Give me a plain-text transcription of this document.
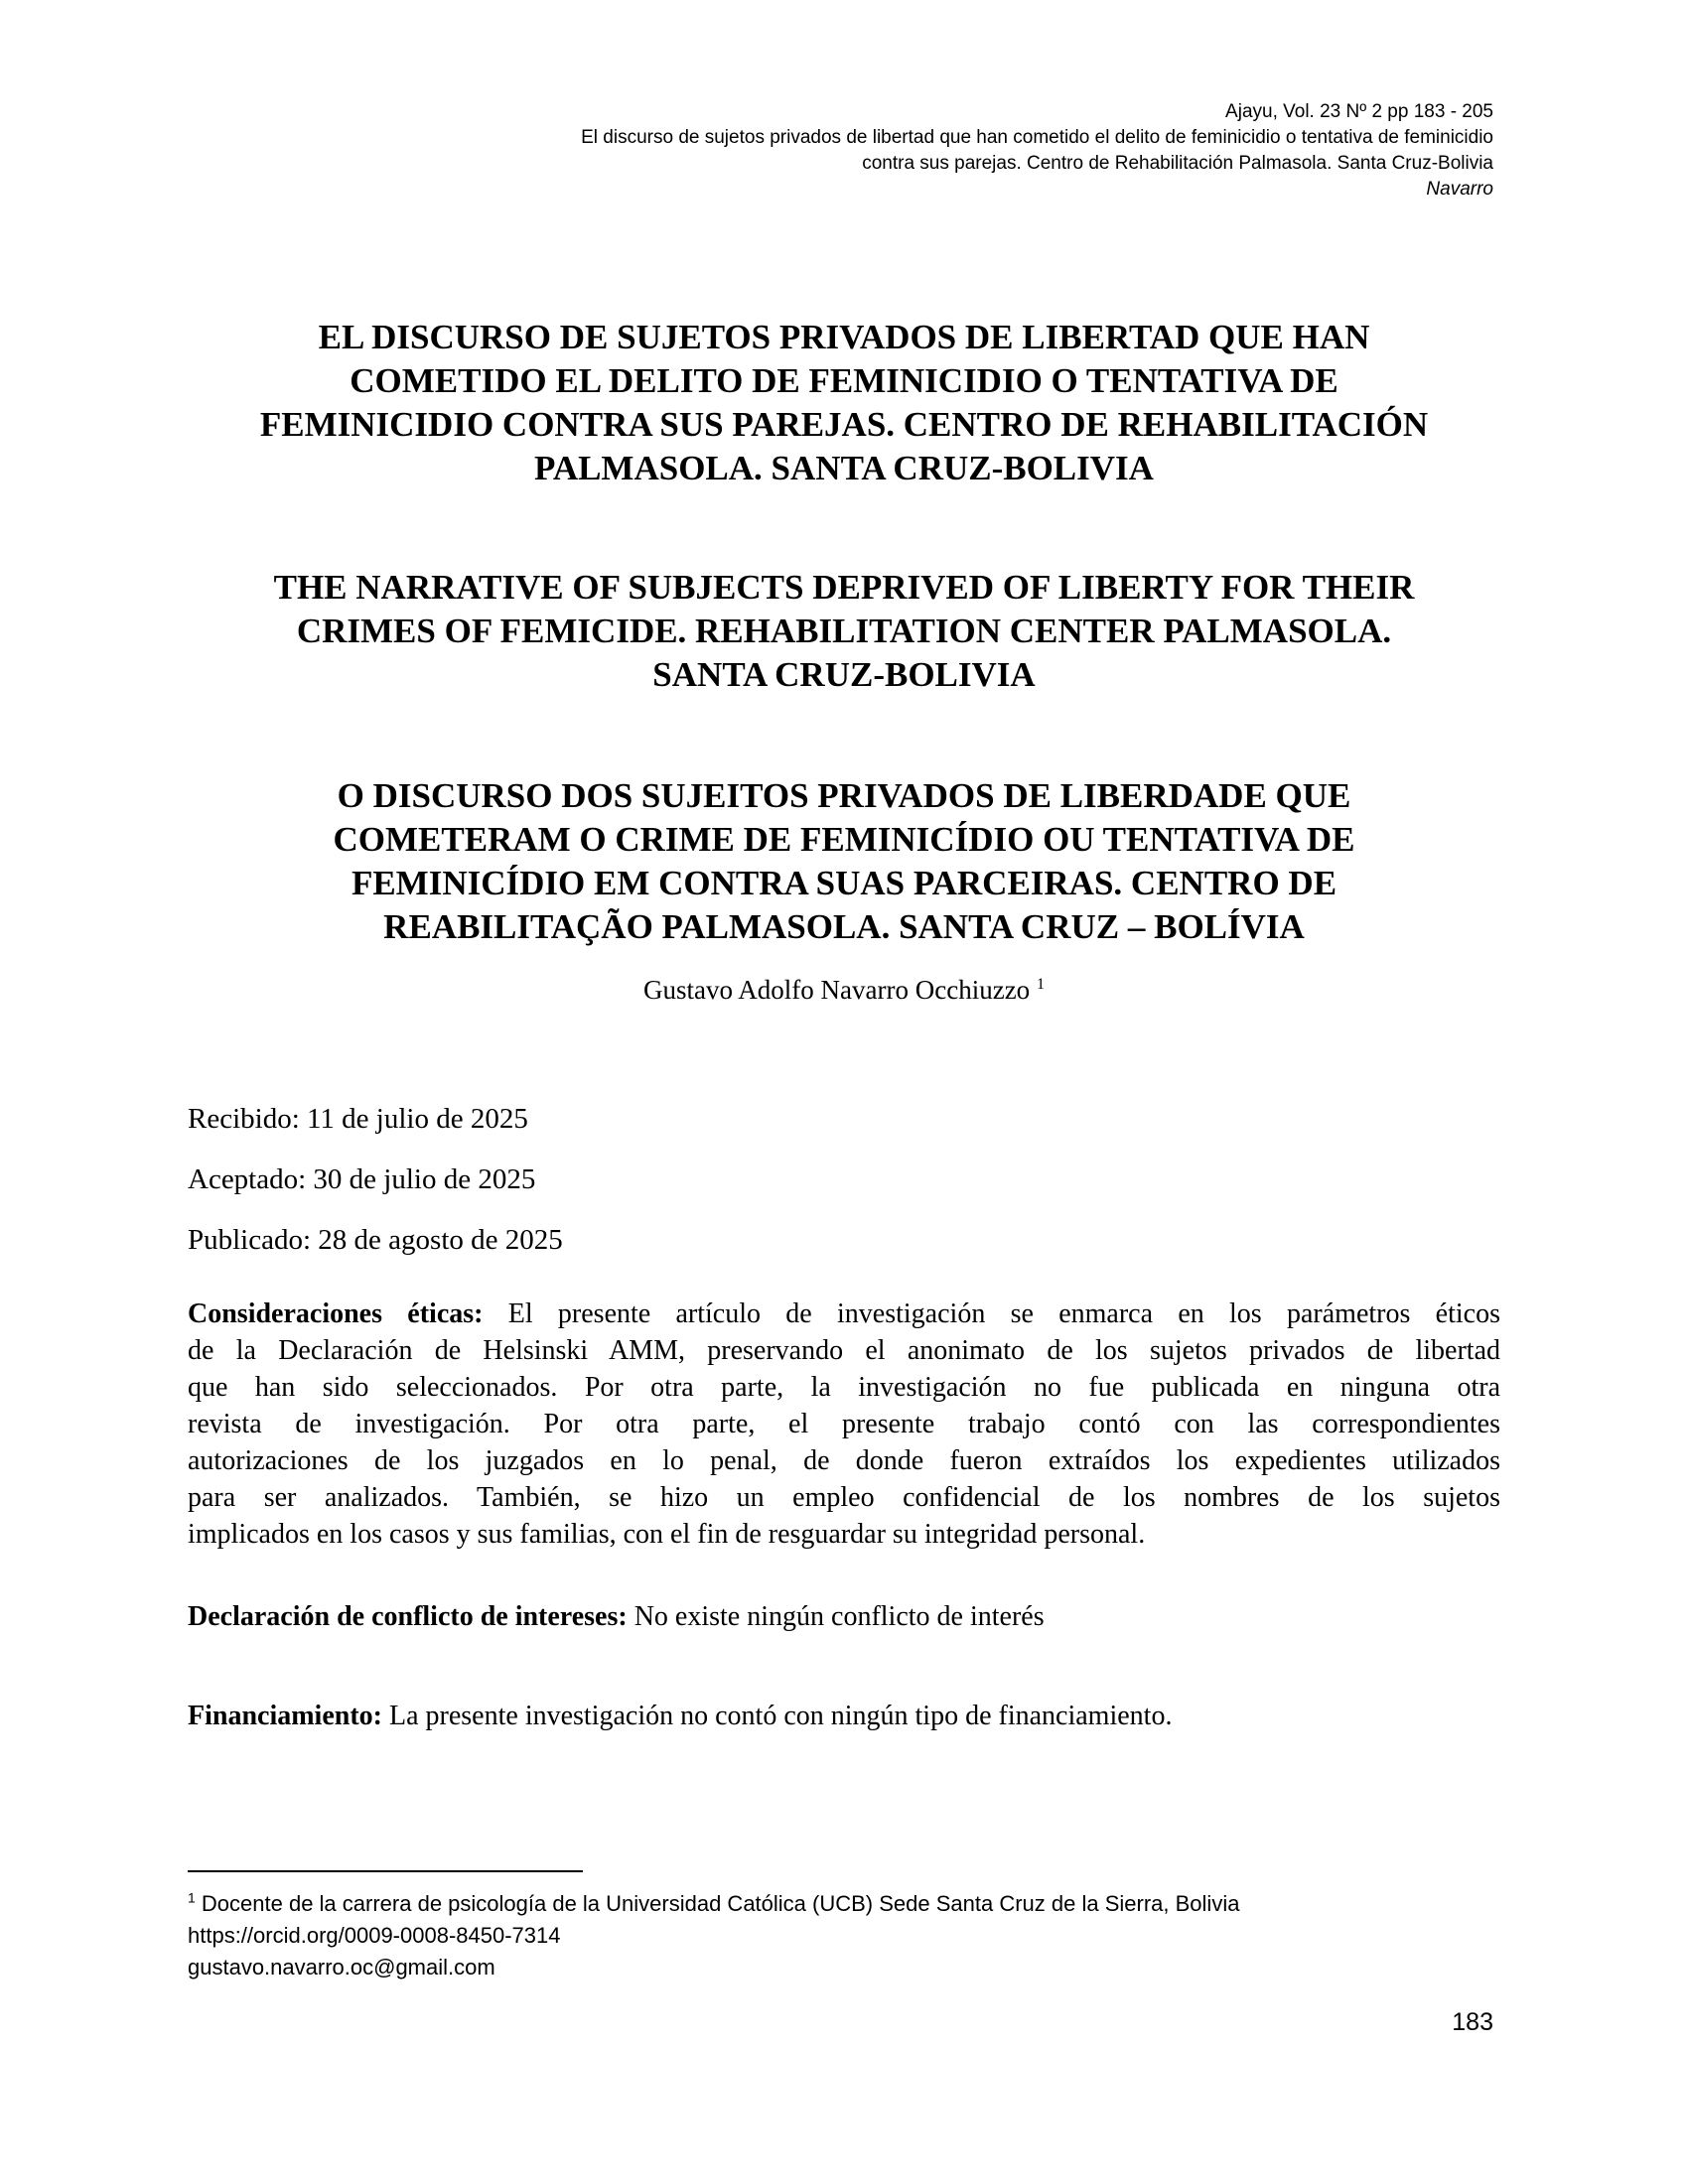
Ajayu, Vol. 23 Nº 2 pp 183 - 205
El discurso de sujetos privados de libertad que han cometido el delito de feminicidio o tentativa de feminicidio
contra sus parejas. Centro de Rehabilitación Palmasola. Santa Cruz-Bolivia
Navarro
EL DISCURSO DE SUJETOS PRIVADOS DE LIBERTAD QUE HAN
COMETIDO EL DELITO DE FEMINICIDIO O TENTATIVA DE
FEMINICIDIO CONTRA SUS PAREJAS. CENTRO DE REHABILITACIÓN
PALMASOLA. SANTA CRUZ-BOLIVIA
THE NARRATIVE OF SUBJECTS DEPRIVED OF LIBERTY FOR THEIR
CRIMES OF FEMICIDE. REHABILITATION CENTER PALMASOLA.
SANTA CRUZ-BOLIVIA
O DISCURSO DOS SUJEITOS PRIVADOS DE LIBERDADE QUE
COMETERAM O CRIME DE FEMINICÍDIO OU TENTATIVA DE
FEMINICÍDIO EM CONTRA SUAS PARCEIRAS. CENTRO DE
REABILITAÇÃO PALMASOLA. SANTA CRUZ – BOLÍVIA
Gustavo Adolfo Navarro Occhiuzzo $^1$
Recibido: 11 de julio de 2025
Aceptado: 30 de julio de 2025
Publicado: 28 de agosto de 2025
Consideraciones éticas: El presente artículo de investigación se enmarca en los parámetros éticos
de la Declaración de Helsinski AMM, preservando el anonimato de los sujetos privados de libertad
que han sido seleccionados. Por otra parte, la investigación no fue publicada en ninguna otra
revista de investigación. Por otra parte, el presente trabajo contó con las correspondientes
autorizaciones de los juzgados en lo penal, de donde fueron extraídos los expedientes utilizados
para ser analizados. También, se hizo un empleo confidencial de los nombres de los sujetos
implicados en los casos y sus familias, con el fin de resguardar su integridad personal.
Declaración de conflicto de intereses: No existe ningún conflicto de interés
Financiamiento: La presente investigación no contó con ningún tipo de financiamiento.
$^1$ Docente de la carrera de psicología de la Universidad Católica (UCB) Sede Santa Cruz de la Sierra, Bolivia
https://orcid.org/0009-0008-8450-7314
gustavo.navarro.oc@gmail.com
183
